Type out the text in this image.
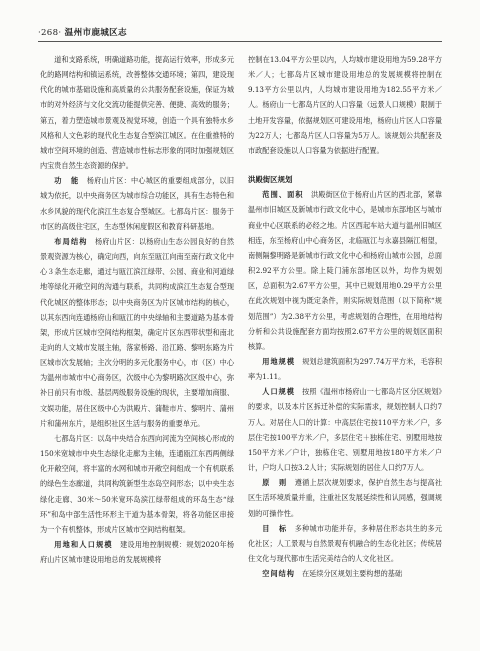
·268· 温州市鹿城区志

道和支路系统，明确道路功能，提高运行效率，形成多元化的路网结构和镇运系统，改善整体交通环境；第四，建设现代化的城市基础设施和高质量的公共服务配套设施，保证为城市的对外经济与文化交流功能提供完善、便捷、高效的服务；第五，着力塑造城市景观及视觉环境，创造一个具有独特水乡风格和人文色彩的现代化生态复合型滨江城区。在住重推特的城市空间环境的创造、营造城市性标志形象的同时加强规划区内宝贵自然生态资源的保护。

功　能　 杨府山片区：中心城区的重要组成部分，以旧城为依托，以中央商务区为城市综合功能区，具有生态特色和水乡风貌的现代化滨江生态复合型城区。七都岛片区：服务于市区的高级住宅区，生态型休闲度假区和教育科研基地。

布局结构　 杨府山片区：以杨府山生态公园良好的自然景观资源为核心，确定向西，向东至瓯江向南至南行政文化中心３条生态走廊，通过与瓯江滨江绿带、公园、商业和河道绿地等绿化开敞空间的沟通与联系，共同构成滨江生态复合型现代化城区的整体形态；以中央商务区为片区城市结构的核心，以其东西向连通杨府山和瓯江的中央绿轴和主要道路为基本骨架，形成片区城市空间结构框架，确定片区东西带状型和南北走向的人文城市发展主轴，落家桥路、沿江路、黎明东路为片区城市次发展轴；主次分明的多元化服务中心，市（区）中心为温州市城市中心商务区，次级中心为黎明路次区级中心，弥补日前只有市级、基层两级服务设施的现状，主要增加商服、文娱功能，居住区级中心为洪殿片、蒲鞋市片、黎明片、蒲州片和蒲州东片，是组织社区生活与服务的重要单元。

七都岛片区：以岛中央结合东西向河流为空间核心形成的150米宽城市中央生态绿化走廊为主轴，连通瓯江东西两侧绿化开敞空间，将丰富的水网和城市开敞空间组成一个有机联系的绿色生态廊道，共同构筑新型生态岛空间形态；以中央生态绿化走廊、30米～50米宽环岛滨江绿带组成的环岛生态“绿环”和岛中部生活性环形主干道为基本骨架，将各功能区串接为一个有机整体，形成片区城市空间结构框架。

用地和人口规模　 建设用地控制规模：规划2020年杨府山片区城市建设用地总的发展规模将

控制在13.04平方公里以内，人均城市建设用地为59.28平方米／人；七都岛片区城市建设用地总的发展规模将控制在9.13平方公里以内，人均城市建设用地为182.55平方米／人。杨府山一七都岛片区的人口容量（远景人口规模）限制于土地开发容量，依据规划区可建设用地，杨府山片区人口容量为22万人；七都岛片区人口容量为5万人。该规划公共配套及市政配套设施以人口容量为依据进行配置。

洪殿街区规划

范围、面积　 洪殿街区位于杨府山片区的西北部，紧靠温州市旧城区及新城市行政文化中心，是城市东部地区与城市商业中心区联系的必经之地。片区西起车站大道与温州旧城区相连，东至杨府山中心商务区，北临瓯江与永嘉县隔江相望，南侧隔黎明路是新城市行政文化中心和杨府山城市公园，总面积2.92平方公里。除上陡门浦东部地区以外，均作为规划区，总面积为2.67平方公里，其中已规划用地0.29平方公里在此次规划中视为既定条件，则实际规划范围（以下简称“规划范围”）为2.38平方公里，考虑规划的合理性，在用地结构分析和公共设施配套方面均按照2.67平方公里的规划区面积核算。

用地规模　 规划总建筑面积为297.74万平方米，毛容积率为1.11。

人口规模　 按照《温州市杨府山一七都岛片区分区规划》的要求，以及本片区拆迁补偿的实际需求，规划控制人口约7万人。对居住人口的计算：中高层住宅按110平方米／户，多层住宅按100平方米／户，多层住宅＋独栋住宅、别墅用地按150平方米／户计，独栋住宅、别墅用地按180平方米／户计，户均人口按3.2人计；实际规划的居住人口约7万人。

原　则　 遵循上层次规划要求，保护自然生态与提高社区生活环境质量并重，注重社区发展延续性和认同感，强调规划的可操作性。

目　标　 多种城市功能并存，多种居住形态共生的多元化社区；人工景观与自然景观有机融合的生态化社区；传统居住文化与现代都市生活完美结合的人文化社区。

空间结构　 在延续分区规划主要构想的基础
